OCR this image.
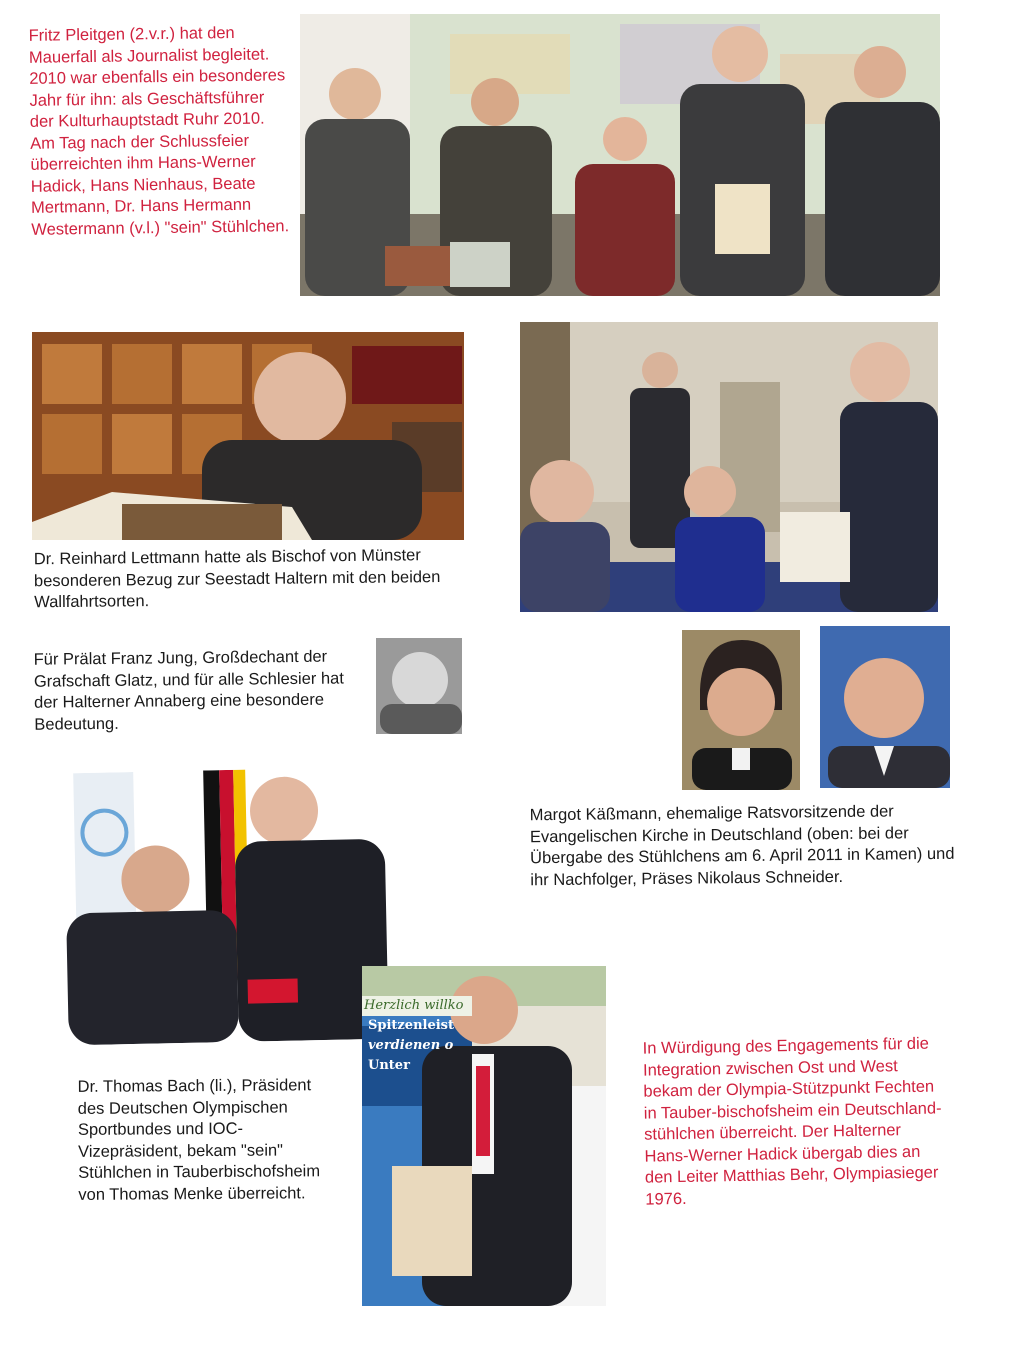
Fritz Pleitgen (2.v.r.) hat den Mauerfall als Journalist begleitet. 2010 war ebenfalls ein besonderes Jahr für ihn: als Geschäftsführer der Kulturhauptstadt Ruhr 2010. Am Tag nach der Schlussfeier überreichten ihm Hans-Werner Hadick, Hans Nienhaus, Beate Mertmann, Dr. Hans Hermann Westermann (v.l.) "sein" Stühlchen.

Dr. Reinhard Lettmann hatte als Bischof von Münster besonderen Bezug zur Seestadt Haltern mit den beiden Wallfahrtsorten.

Für Prälat Franz Jung, Großdechant der Grafschaft Glatz, und für alle Schlesier hat der Halterner Annaberg eine besondere Bedeutung.

Margot Käßmann, ehemalige Ratsvorsitzende der Evangelischen Kirche in Deutschland (oben: bei der Übergabe des Stühlchens am 6. April 2011 in Kamen) und ihr Nachfolger, Präses Nikolaus Schneider.

Dr. Thomas Bach (li.), Präsident des Deutschen Olympischen Sportbundes und IOC-Vizepräsident, bekam "sein" Stühlchen in Tauberbischofsheim von Thomas Menke überreicht.

Herzlich willko
Spitzenleist
verdienen o
Unter

In Würdigung des Engagements für die Integration zwischen Ost und West bekam der Olympia-Stützpunkt Fechten in Tauber-bischofsheim ein Deutschland-stühlchen überreicht. Der Halterner Hans-Werner Hadick übergab dies an den Leiter Matthias Behr, Olympiasieger 1976.
